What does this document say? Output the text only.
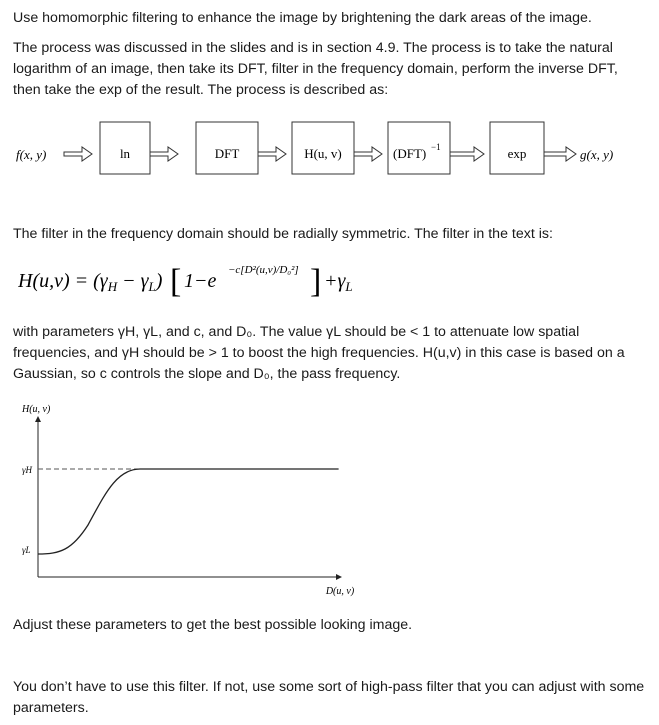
Use homomorphic filtering to enhance the image by brightening the dark areas of the image.

The process was discussed in the slides and is in section 4.9. The process is to take the natural logarithm of an image, then take its DFT, filter in the frequency domain, perform the inverse DFT, then take the exp of the result. The process is described as:

f(x, y)	ln	DFT	H(u, v)	(DFT) −1	exp	g(x, y)

The filter in the frequency domain should be radially symmetric. The filter in the text is:

$H(u,v) = (\gamma_H - \gamma_L)$ [ 1−e −c[D²(u,v)/D₀²] ] $+\gamma_L$

with parameters γH, γL, and c, and D₀. The value γL should be < 1 to attenuate low spatial frequencies, and γH should be > 1 to boost the high frequencies. H(u,v) in this case is based on a Gaussian, so c controls the slope and D₀, the pass frequency.

H(u, v)
γH
γL
D(u, v)

Adjust these parameters to get the best possible looking image.

You don’t have to use this filter. If not, use some sort of high-pass filter that you can adjust with some parameters.
